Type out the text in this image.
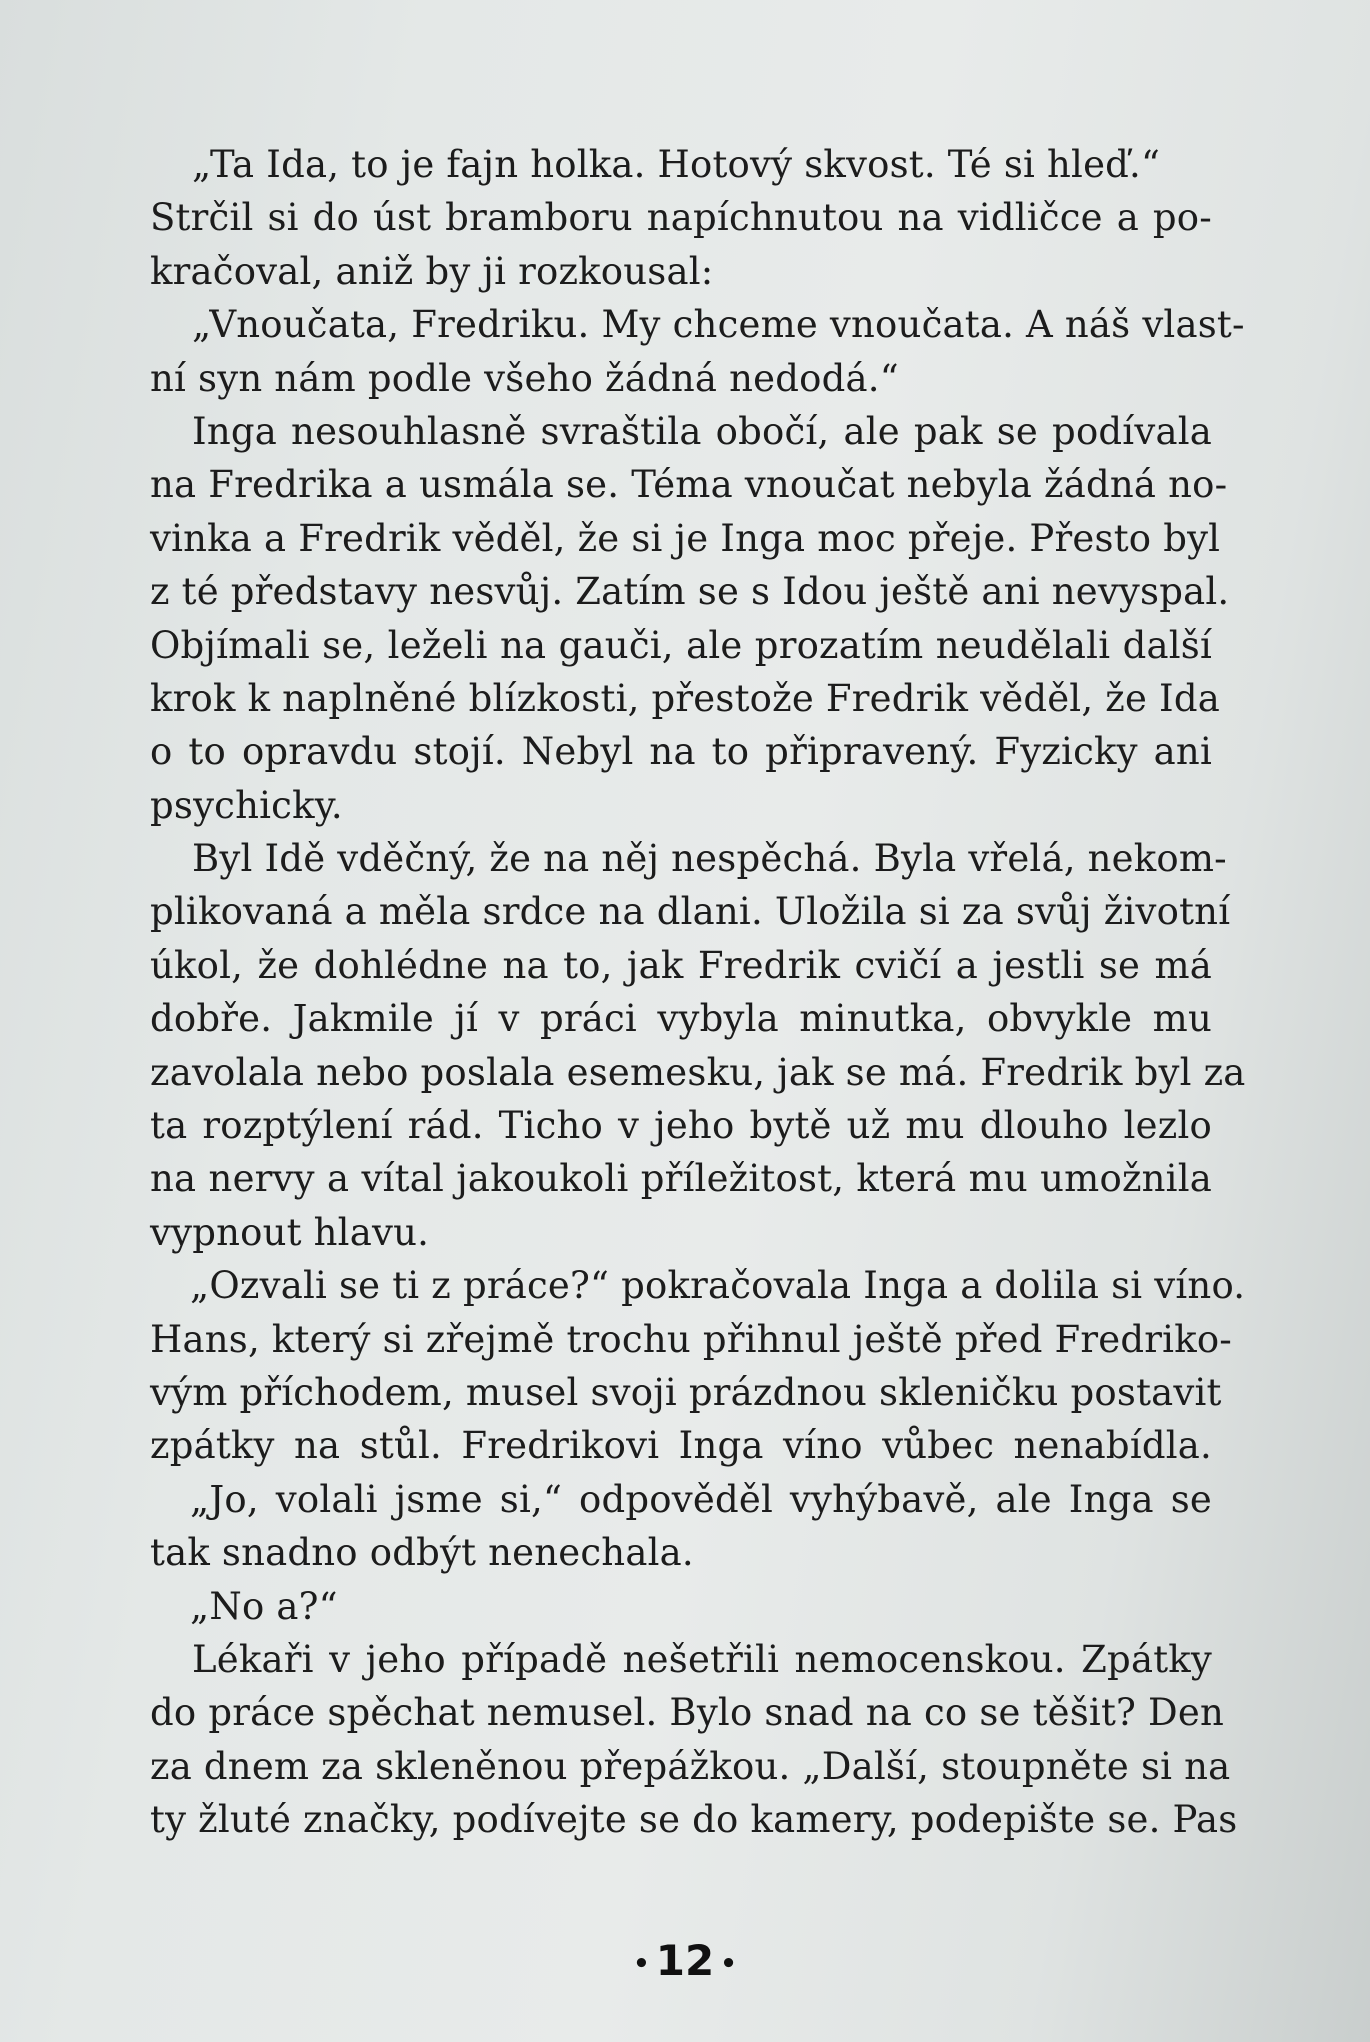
„Ta Ida, to je fajn holka. Hotový skvost. Té si hleď.“
Strčil si do úst bramboru napíchnutou na vidličce a po-
kračoval, aniž by ji rozkousal:
„Vnoučata, Fredriku. My chceme vnoučata. A náš vlast-
ní syn nám podle všeho žádná nedodá.“
Inga nesouhlasně svraštila obočí, ale pak se podívala
na Fredrika a usmála se. Téma vnoučat nebyla žádná no-
vinka a Fredrik věděl, že si je Inga moc přeje. Přesto byl
z té představy nesvůj. Zatím se s Idou ještě ani nevyspal.
Objímali se, leželi na gauči, ale prozatím neudělali další
krok k naplněné blízkosti, přestože Fredrik věděl, že Ida
o to opravdu stojí. Nebyl na to připravený. Fyzicky ani
psychicky.
Byl Idě vděčný, že na něj nespěchá. Byla vřelá, nekom-
plikovaná a měla srdce na dlani. Uložila si za svůj životní
úkol, že dohlédne na to, jak Fredrik cvičí a jestli se má
dobře. Jakmile jí v práci vybyla minutka, obvykle mu
zavolala nebo poslala esemesku, jak se má. Fredrik byl za
ta rozptýlení rád. Ticho v jeho bytě už mu dlouho lezlo
na nervy a vítal jakoukoli příležitost, která mu umožnila
vypnout hlavu.
„Ozvali se ti z práce?“ pokračovala Inga a dolila si víno.
Hans, který si zřejmě trochu přihnul ještě před Fredriko-
vým příchodem, musel svoji prázdnou skleničku postavit
zpátky na stůl. Fredrikovi Inga víno vůbec nenabídla.
„Jo, volali jsme si,“ odpověděl vyhýbavě, ale Inga se
tak snadno odbýt nenechala.
„No a?“
Lékaři v jeho případě nešetřili nemocenskou. Zpátky
do práce spěchat nemusel. Bylo snad na co se těšit? Den
za dnem za skleněnou přepážkou. „Další, stoupněte si na
ty žluté značky, podívejte se do kamery, podepište se. Pas
• 12 •
